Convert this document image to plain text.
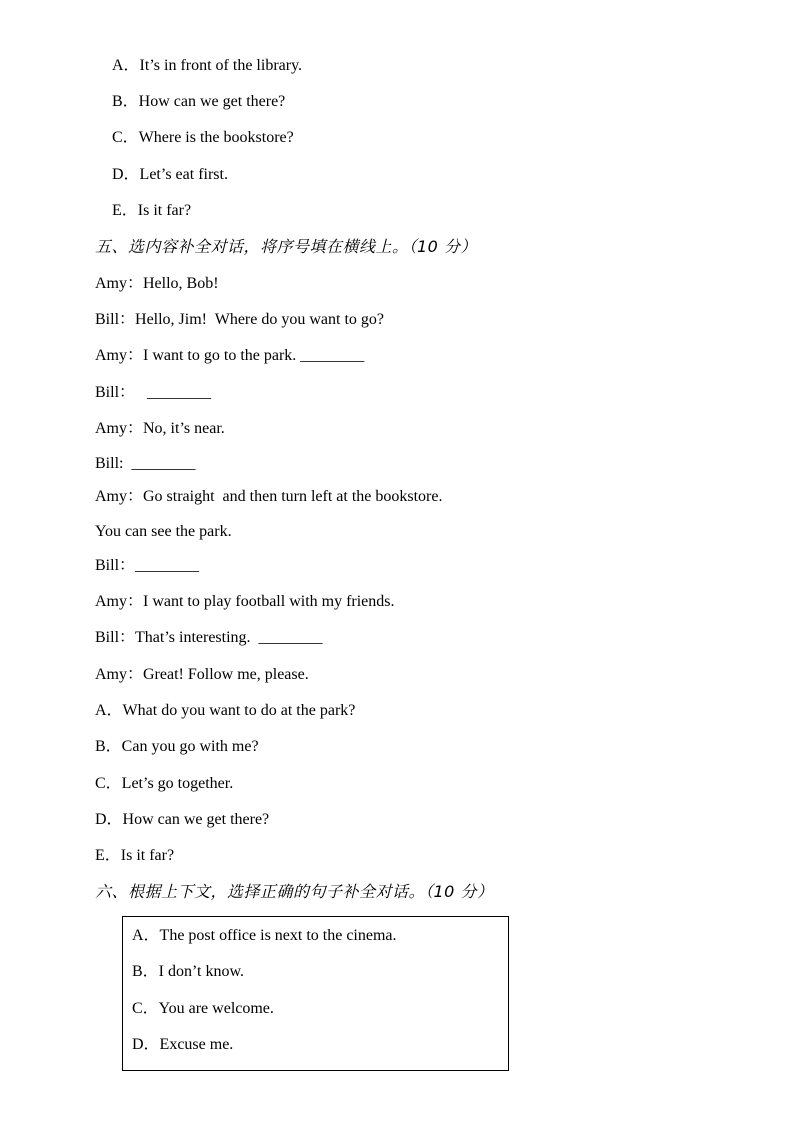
A．It’s in front of the library.
B．How can we get there?
C．Where is the bookstore?
D．Let’s eat first.
E．Is it far?
五、选内容补全对话，将序号填在横线上。（10 分）
Amy：Hello, Bob!
Bill：Hello, Jim!  Where do you want to go?
Amy：I want to go to the park. ________
Bill：   ________
Amy：No, it’s near.
Bill:  ________
Amy：Go straight  and then turn left at the bookstore.
You can see the park.
Bill：________
Amy：I want to play football with my friends.
Bill：That’s interesting.  ________
Amy：Great! Follow me, please.
A．What do you want to do at the park?
B．Can you go with me?
C．Let’s go together.
D．How can we get there?
E．Is it far?
六、根据上下文，选择正确的句子补全对话。（10 分）
A．The post office is next to the cinema.
B．I don’t know.
C．You are welcome.
D．Excuse me.
